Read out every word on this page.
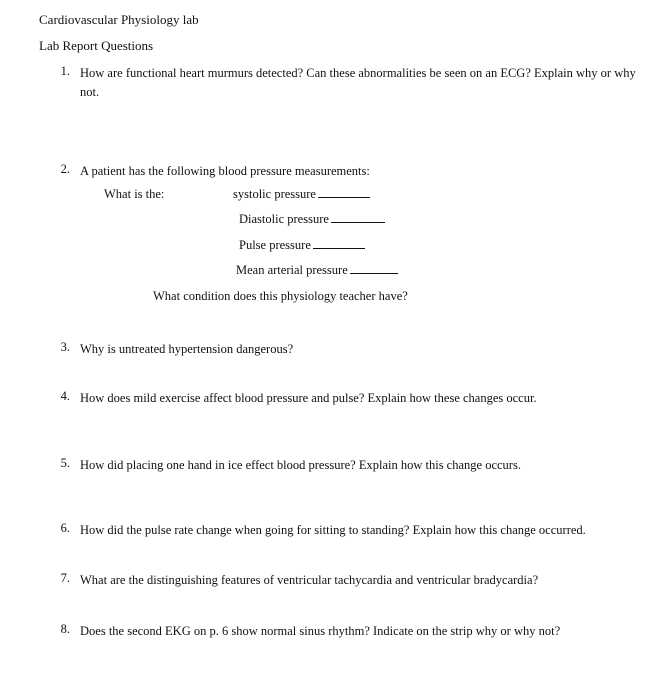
Cardiovascular Physiology lab
Lab Report Questions
1. How are functional heart murmurs detected? Can these abnormalities be seen on an ECG? Explain why or why not.
2. A patient has the following blood pressure measurements:
What is the:	systolic pressure
Diastolic pressure
Pulse pressure
Mean arterial pressure
What condition does this physiology teacher have?
3. Why is untreated hypertension dangerous?
4. How does mild exercise affect blood pressure and pulse? Explain how these changes occur.
5. How did placing one hand in ice effect blood pressure? Explain how this change occurs.
6. How did the pulse rate change when going for sitting to standing? Explain how this change occurred.
7. What are the distinguishing features of ventricular tachycardia and ventricular bradycardia?
8. Does the second EKG on p. 6 show normal sinus rhythm? Indicate on the strip why or why not?
